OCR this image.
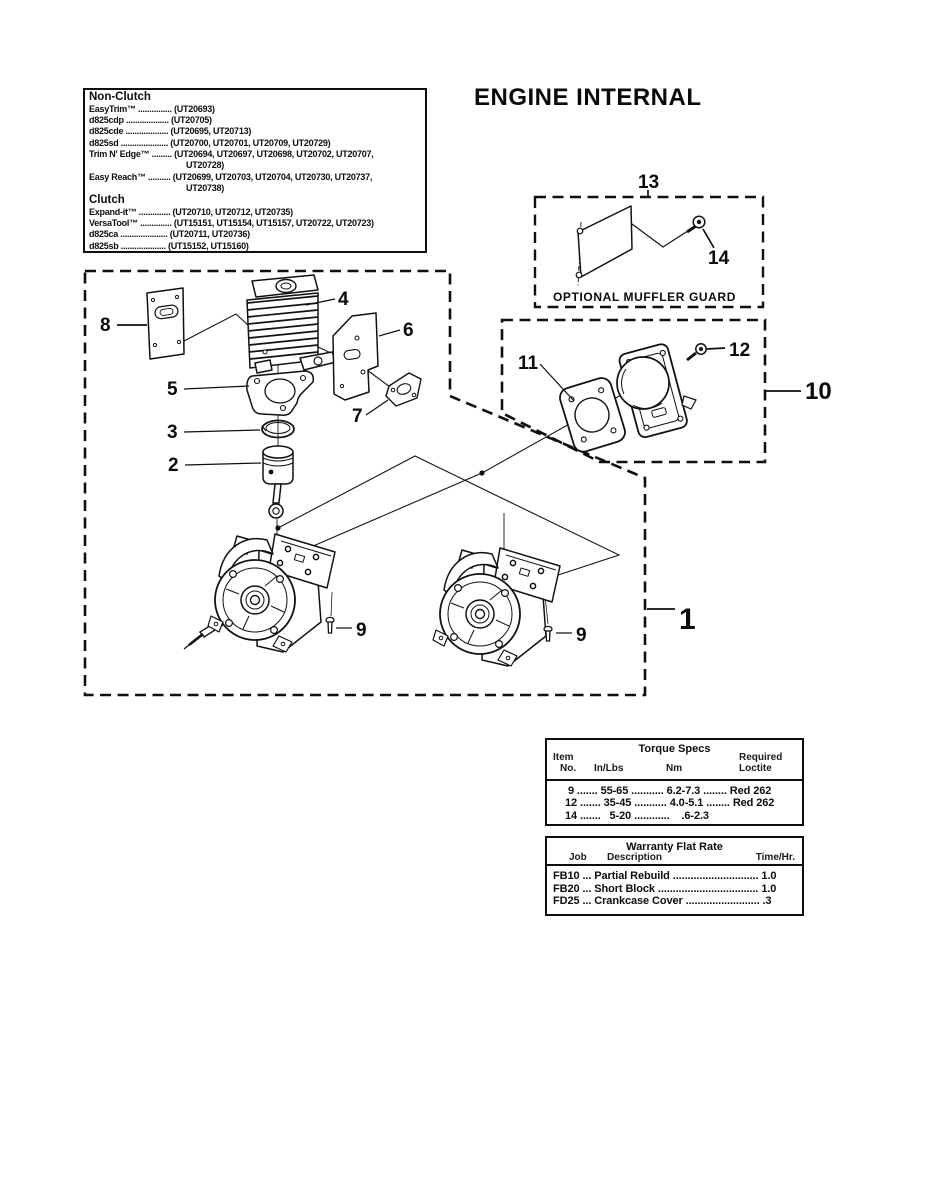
Non-Clutch
EasyTrim™ ............... (UT20693)
d825cdp ................... (UT20705)
d825cde ................... (UT20695, UT20713)
d825sd ..................... (UT20700, UT20701, UT20709, UT20729)
Trim N' Edge™ ......... (UT20694, UT20697, UT20698, UT20702, UT20707,
UT20728)
Easy Reach™ .......... (UT20699, UT20703, UT20704, UT20730, UT20737,
UT20738)
Clutch
Expand-it™ .............. (UT20710, UT20712, UT20735)
VersaTool™ .............. (UT15151, UT15154, UT15157, UT20722, UT20723)
d825ca ..................... (UT20711, UT20736)
d825sb .................... (UT15152, UT15160)
ENGINE INTERNAL
13
14
10
12
11
8
4
6
5
7
3
2
9	9	1
OPTIONAL MUFFLER GUARD
Torque Specs
Item
No. In/Lbs	Nm
Required
Loctite
9 ....... 55-65 ........... 6.2-7.3 ........ Red 262
12 ....... 35-45 ........... 4.0-5.1 ........ Red 262
14 .......   5-20 ............    .6-2.3
Warranty Flat Rate
Job Description	Time/Hr.
FB10 ... Partial Rebuild ............................. 1.0
FB20 ... Short Block .................................. 1.0
FD25 ... Crankcase Cover ......................... .3
